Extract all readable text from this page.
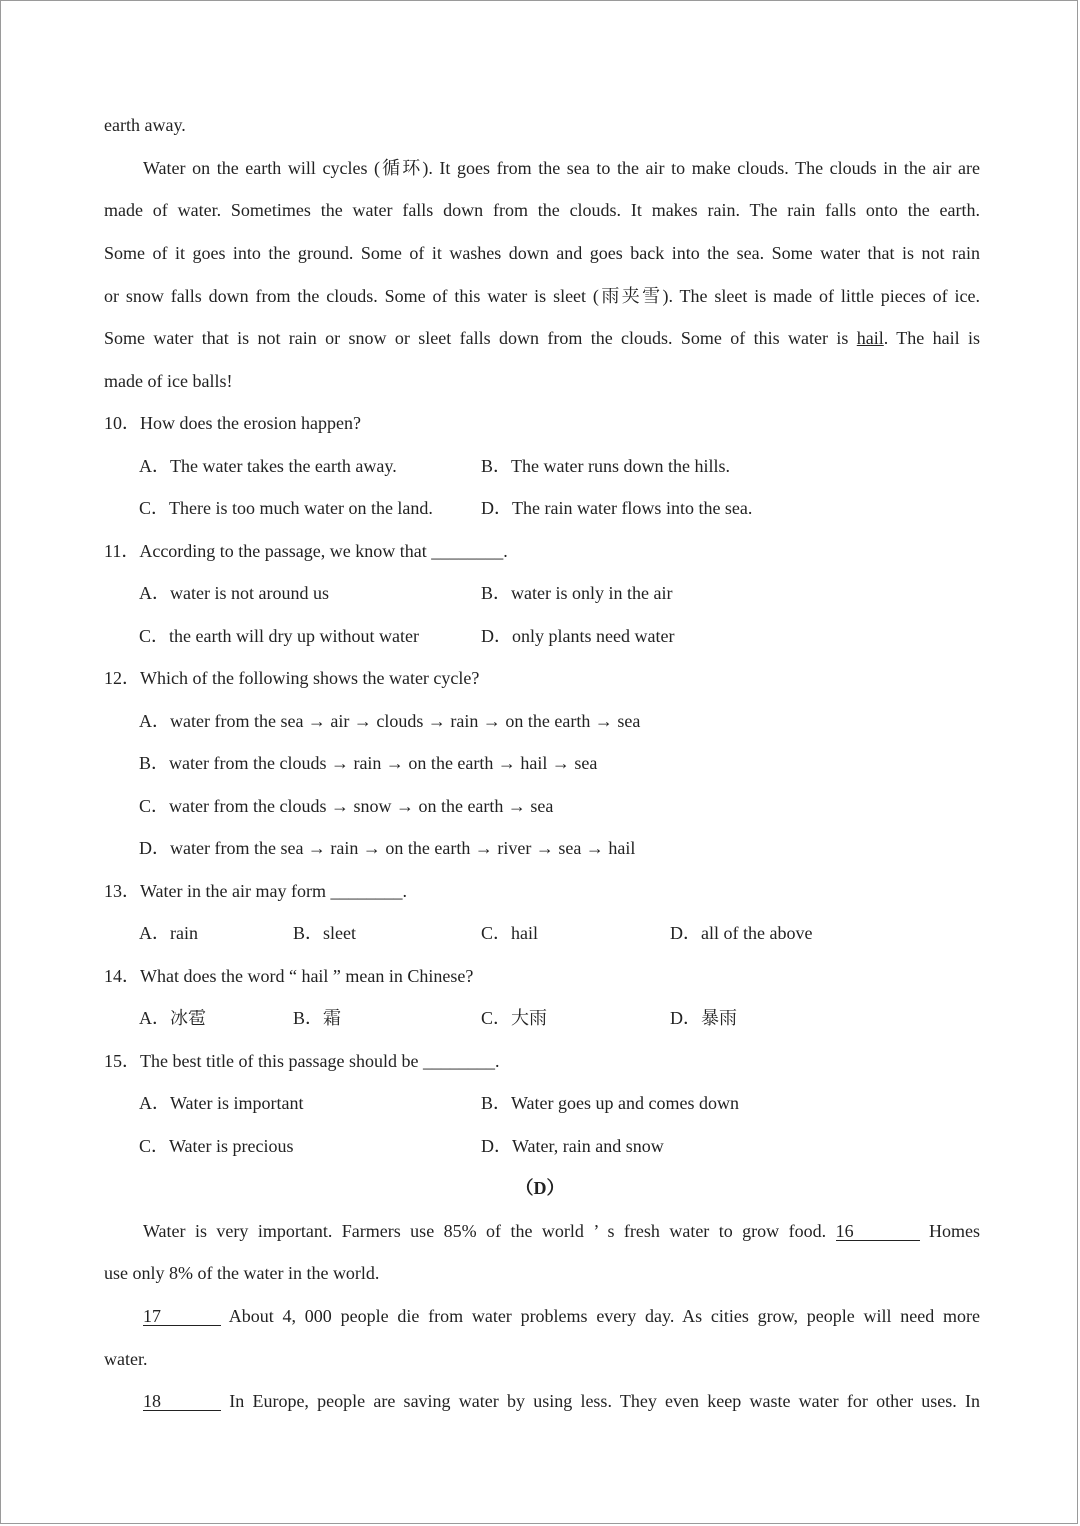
earth away.
Water on the earth will cycles (循环). It goes from the sea to the air to make clouds. The clouds in the air are
made of water. Sometimes the water falls down from the clouds. It makes rain. The rain falls onto the earth.
Some of it goes into the ground. Some of it washes down and goes back into the sea. Some water that is not rain
or snow falls down from the clouds. Some of this water is sleet (雨夹雪). The sleet is made of little pieces of ice.
Some water that is not rain or snow or sleet falls down from the clouds. Some of this water is hail. The hail is
made of ice balls!
10．How does the erosion happen?
A．The water takes the earth away.	B．The water runs down the hills.
C．There is too much water on the land.	D．The rain water flows into the sea.
11．According to the passage, we know that ________.
A．water is not around us	B．water is only in the air
C．the earth will dry up without water	D．only plants need water
12．Which of the following shows the water cycle?
A．water from the sea → air → clouds → rain → on the earth → sea
B．water from the clouds → rain → on the earth → hail → sea
C．water from the clouds → snow → on the earth → sea
D．water from the sea → rain → on the earth → river → sea → hail
13．Water in the air may form ________.
A．rain	B．sleet	C．hail	D．all of the above
14．What does the word “ hail ” mean in Chinese?
A．冰雹	B．霜	C．大雨	D．暴雨
15．The best title of this passage should be ________.
A．Water is important	B．Water goes up and comes down
C．Water is precious	D．Water, rain and snow
（D）
Water is very important. Farmers use 85% of the world ’ s fresh water to grow food. 16	Homes
use only 8% of the water in the world.
17	About 4, 000 people die from water problems every day. As cities grow, people will need more
water.
18	In Europe, people are saving water by using less. They even keep waste water for other uses. In
